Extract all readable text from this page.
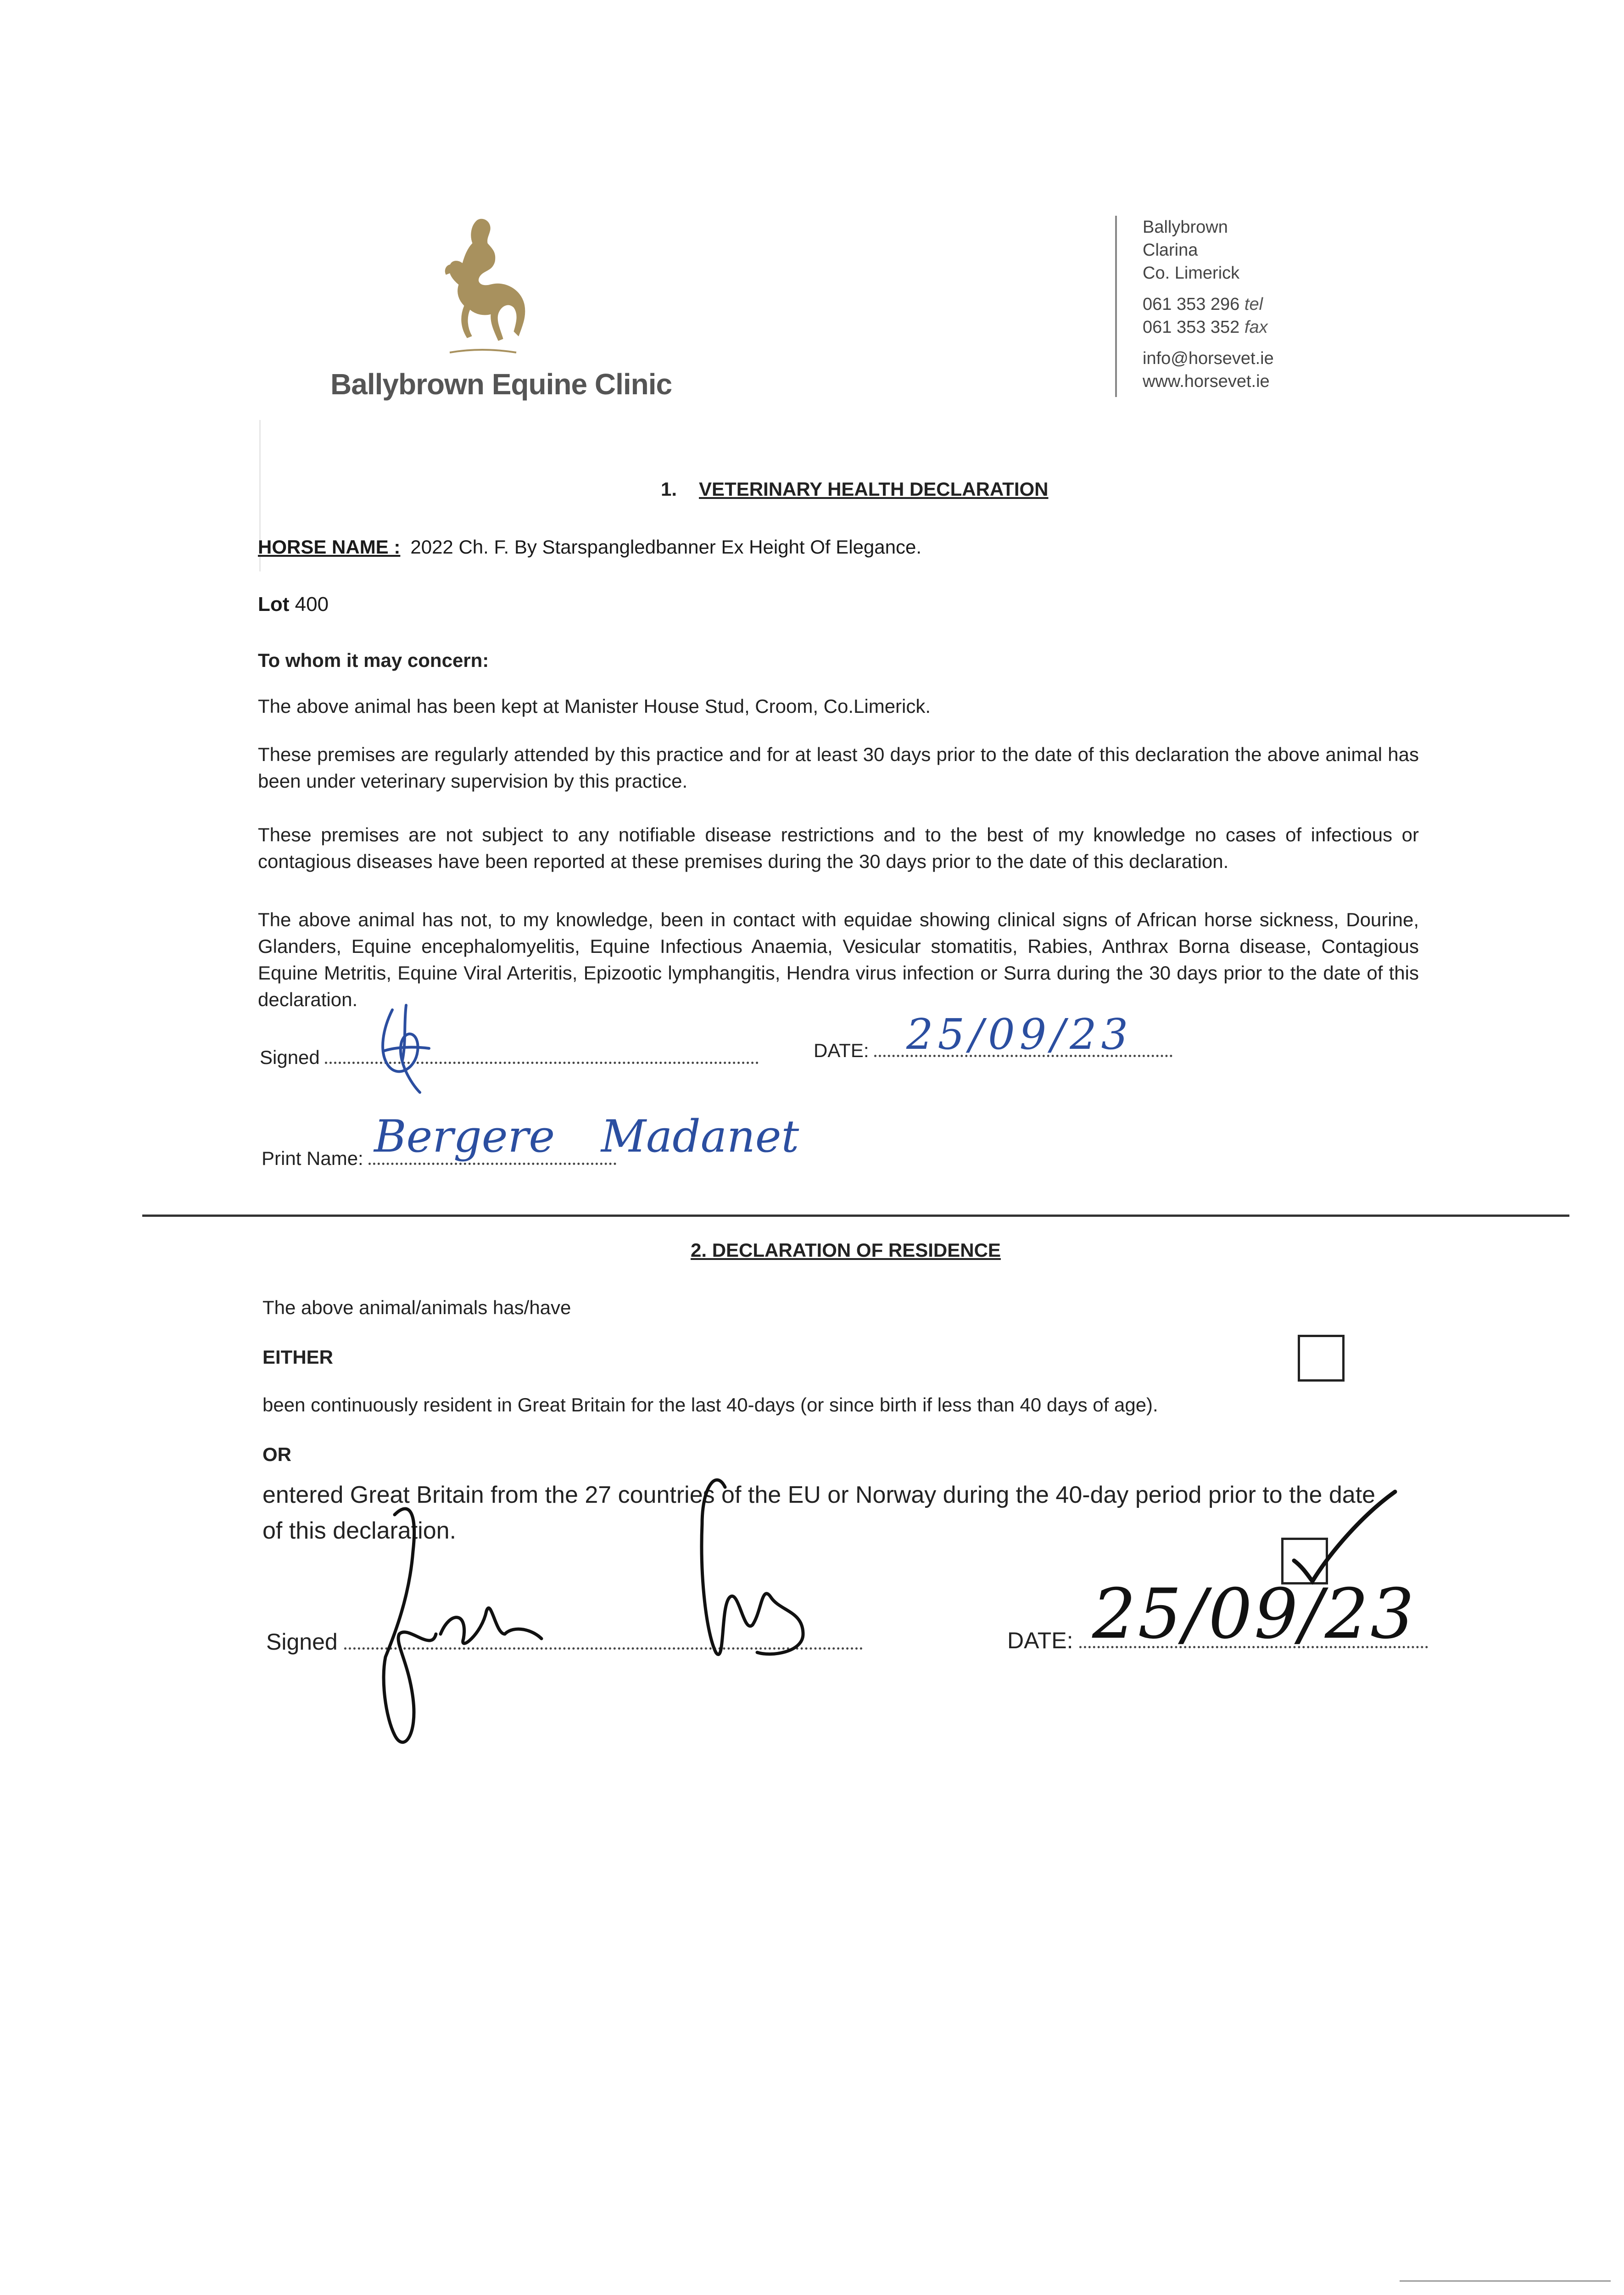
Ballybrown Equine Clinic
Ballybrown
Clarina
Co. Limerick
061 353 296 tel
061 353 352 fax
info@horsevet.ie
www.horsevet.ie
1. VETERINARY HEALTH DECLARATION
HORSE NAME : 2022 Ch. F. By Starspangledbanner Ex Height Of Elegance.
Lot 400
To whom it may concern:
The above animal has been kept at Manister House Stud, Croom, Co.Limerick.
These premises are regularly attended by this practice and for at least 30 days prior to the date of this declaration the above animal has been under veterinary supervision by this practice.
These premises are not subject to any notifiable disease restrictions and to the best of my knowledge no cases of infectious or contagious diseases have been reported at these premises during the 30 days prior to the date of this declaration.
The above animal has not, to my knowledge, been in contact with equidae showing clinical signs of African horse sickness, Dourine, Glanders, Equine encephalomyelitis, Equine Infectious Anaemia, Vesicular stomatitis, Rabies, Anthrax Borna disease, Contagious Equine Metritis, Equine Viral Arteritis, Epizootic lymphangitis, Hendra virus infection or Surra during the 30 days prior to the date of this declaration.
Signed	DATE: 25/09/23
Print Name: Bergere Madanet
2. DECLARATION OF RESIDENCE
The above animal/animals has/have
EITHER
been continuously resident in Great Britain for the last 40-days (or since birth if less than 40 days of age).
OR
entered Great Britain from the 27 countries of the EU or Norway during the 40-day period prior to the date of this declaration.
Signed	DATE: 25/09/23
